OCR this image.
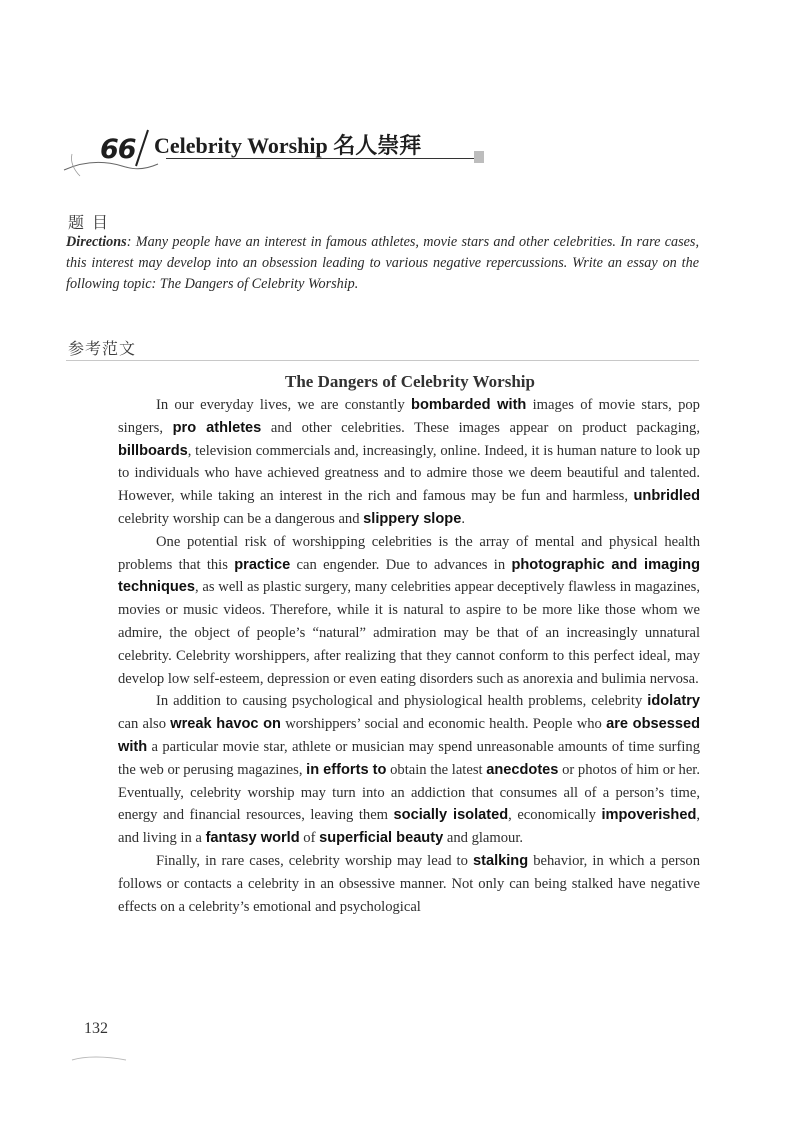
66 Celebrity Worship 名人崇拜
题目
Directions: Many people have an interest in famous athletes, movie stars and other celebrities. In rare cases, this interest may develop into an obsession leading to various negative repercussions. Write an essay on the following topic: The Dangers of Celebrity Worship.
参考范文
The Dangers of Celebrity Worship

In our everyday lives, we are constantly bombarded with images of movie stars, pop singers, pro athletes and other celebrities. These images appear on product packaging, billboards, television commercials and, increasingly, online. Indeed, it is human nature to look up to individuals who have achieved greatness and to admire those we deem beautiful and talented. However, while taking an interest in the rich and famous may be fun and harmless, unbridled celebrity worship can be a dangerous and slippery slope.

One potential risk of worshipping celebrities is the array of mental and physical health problems that this practice can engender. Due to advances in photographic and imaging techniques, as well as plastic surgery, many celebrities appear deceptively flawless in magazines, movies or music videos. Therefore, while it is natural to aspire to be more like those whom we admire, the object of people’s “natural” admiration may be that of an increasingly unnatural celebrity. Celebrity worshippers, after realizing that they cannot conform to this perfect ideal, may develop low self-esteem, depression or even eating disorders such as anorexia and bulimia nervosa.

In addition to causing psychological and physiological health problems, celebrity idolatry can also wreak havoc on worshippers’ social and economic health. People who are obsessed with a particular movie star, athlete or musician may spend unreasonable amounts of time surfing the web or perusing magazines, in efforts to obtain the latest anecdotes or photos of him or her. Eventually, celebrity worship may turn into an addiction that consumes all of a person’s time, energy and financial resources, leaving them socially isolated, economically impoverished, and living in a fantasy world of superficial beauty and glamour.

Finally, in rare cases, celebrity worship may lead to stalking behavior, in which a person follows or contacts a celebrity in an obsessive manner. Not only can being stalked have negative effects on a celebrity’s emotional and psychological

132
